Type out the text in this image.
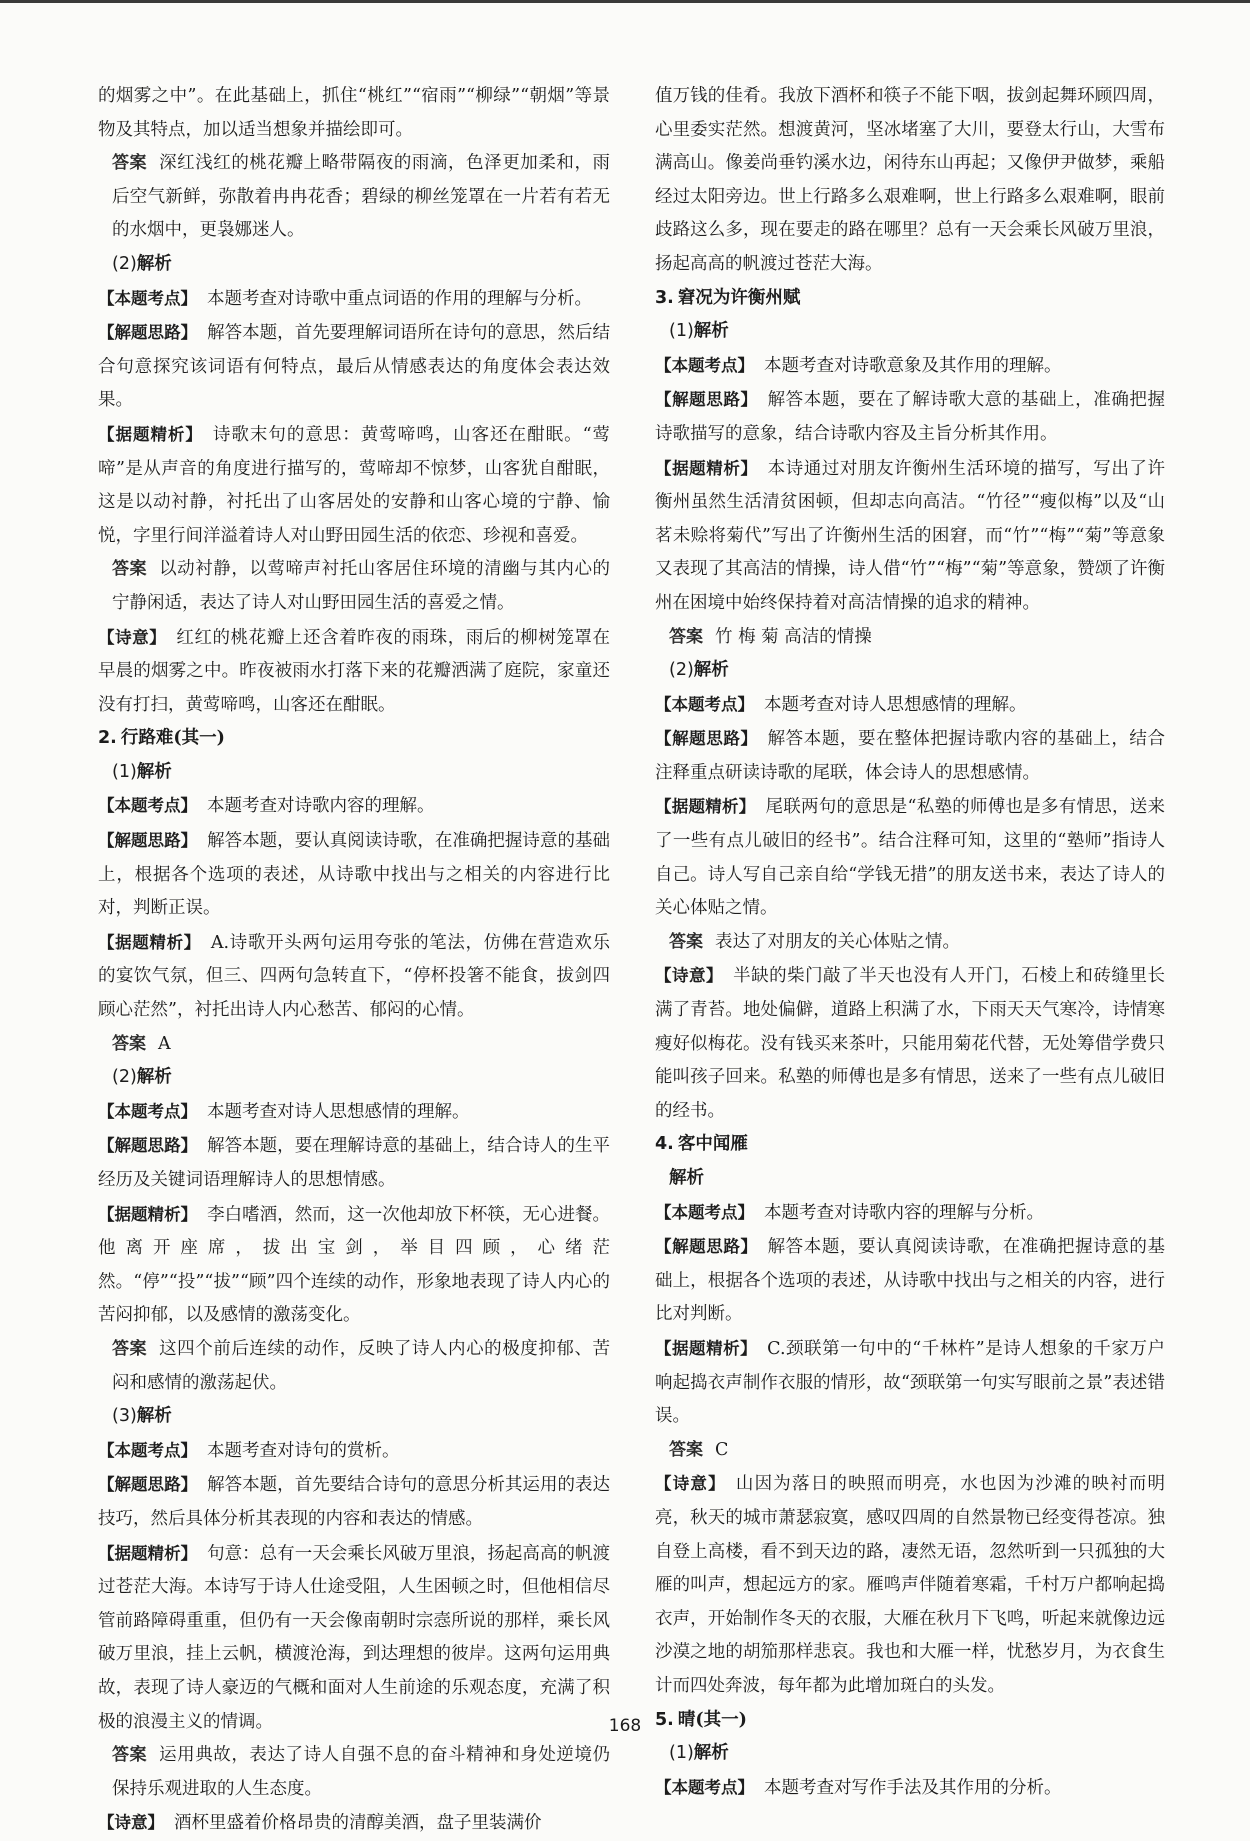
的烟雾之中”。在此基础上，抓住“桃红”“宿雨”“柳绿”“朝烟”等景物及其特点，加以适当想象并描绘即可。

答案 深红浅红的桃花瓣上略带隔夜的雨滴，色泽更加柔和，雨后空气新鲜，弥散着冉冉花香；碧绿的柳丝笼罩在一片若有若无的水烟中，更袅娜迷人。

(2)解析

【本题考点】 本题考查对诗歌中重点词语的作用的理解与分析。

【解题思路】 解答本题，首先要理解词语所在诗句的意思，然后结合句意探究该词语有何特点，最后从情感表达的角度体会表达效果。

【据题精析】 诗歌末句的意思：黄莺啼鸣，山客还在酣眠。“莺啼”是从声音的角度进行描写的，莺啼却不惊梦，山客犹自酣眠，这是以动衬静，衬托出了山客居处的安静和山客心境的宁静、愉悦，字里行间洋溢着诗人对山野田园生活的依恋、珍视和喜爱。

答案 以动衬静，以莺啼声衬托山客居住环境的清幽与其内心的宁静闲适，表达了诗人对山野田园生活的喜爱之情。

【诗意】 红红的桃花瓣上还含着昨夜的雨珠，雨后的柳树笼罩在早晨的烟雾之中。昨夜被雨水打落下来的花瓣洒满了庭院，家童还没有打扫，黄莺啼鸣，山客还在酣眠。

2. 行路难(其一)

(1)解析

【本题考点】 本题考查对诗歌内容的理解。

【解题思路】 解答本题，要认真阅读诗歌，在准确把握诗意的基础上，根据各个选项的表述，从诗歌中找出与之相关的内容进行比对，判断正误。

【据题精析】 A.诗歌开头两句运用夸张的笔法，仿佛在营造欢乐的宴饮气氛，但三、四两句急转直下，“停杯投箸不能食，拔剑四顾心茫然”，衬托出诗人内心愁苦、郁闷的心情。

答案 A

(2)解析

【本题考点】 本题考查对诗人思想感情的理解。

【解题思路】 解答本题，要在理解诗意的基础上，结合诗人的生平经历及关键词语理解诗人的思想情感。

【据题精析】 李白嗜酒，然而，这一次他却放下杯筷，无心进餐。他离开座席，拔出宝剑，举目四顾，心绪茫然。“停”“投”“拔”“顾”四个连续的动作，形象地表现了诗人内心的苦闷抑郁，以及感情的激荡变化。

答案 这四个前后连续的动作，反映了诗人内心的极度抑郁、苦闷和感情的激荡起伏。

(3)解析

【本题考点】 本题考查对诗句的赏析。

【解题思路】 解答本题，首先要结合诗句的意思分析其运用的表达技巧，然后具体分析其表现的内容和表达的情感。

【据题精析】 句意：总有一天会乘长风破万里浪，扬起高高的帆渡过苍茫大海。本诗写于诗人仕途受阻，人生困顿之时，但他相信尽管前路障碍重重，但仍有一天会像南朝时宗悫所说的那样，乘长风破万里浪，挂上云帆，横渡沧海，到达理想的彼岸。这两句运用典故，表现了诗人豪迈的气概和面对人生前途的乐观态度，充满了积极的浪漫主义的情调。

答案 运用典故，表达了诗人自强不息的奋斗精神和身处逆境仍保持乐观进取的人生态度。

【诗意】 酒杯里盛着价格昂贵的清醇美酒，盘子里装满价

值万钱的佳肴。我放下酒杯和筷子不能下咽，拔剑起舞环顾四周，心里委实茫然。想渡黄河，坚冰堵塞了大川，要登太行山，大雪布满高山。像姜尚垂钓溪水边，闲待东山再起；又像伊尹做梦，乘船经过太阳旁边。世上行路多么艰难啊，世上行路多么艰难啊，眼前歧路这么多，现在要走的路在哪里？总有一天会乘长风破万里浪，扬起高高的帆渡过苍茫大海。

3. 窘况为许衡州赋

(1)解析

【本题考点】 本题考查对诗歌意象及其作用的理解。

【解题思路】 解答本题，要在了解诗歌大意的基础上，准确把握诗歌描写的意象，结合诗歌内容及主旨分析其作用。

【据题精析】 本诗通过对朋友许衡州生活环境的描写，写出了许衡州虽然生活清贫困顿，但却志向高洁。“竹径”“瘦似梅”以及“山茗未赊将菊代”写出了许衡州生活的困窘，而“竹”“梅”“菊”等意象又表现了其高洁的情操，诗人借“竹”“梅”“菊”等意象，赞颂了许衡州在困境中始终保持着对高洁情操的追求的精神。

答案 竹 梅 菊 高洁的情操

(2)解析

【本题考点】 本题考查对诗人思想感情的理解。

【解题思路】 解答本题，要在整体把握诗歌内容的基础上，结合注释重点研读诗歌的尾联，体会诗人的思想感情。

【据题精析】 尾联两句的意思是“私塾的师傅也是多有情思，送来了一些有点儿破旧的经书”。结合注释可知，这里的“塾师”指诗人自己。诗人写自己亲自给“学钱无措”的朋友送书来，表达了诗人的关心体贴之情。

答案 表达了对朋友的关心体贴之情。

【诗意】 半缺的柴门敲了半天也没有人开门，石棱上和砖缝里长满了青苔。地处偏僻，道路上积满了水，下雨天天气寒冷，诗情寒瘦好似梅花。没有钱买来茶叶，只能用菊花代替，无处筹借学费只能叫孩子回来。私塾的师傅也是多有情思，送来了一些有点儿破旧的经书。

4. 客中闻雁

解析

【本题考点】 本题考查对诗歌内容的理解与分析。

【解题思路】 解答本题，要认真阅读诗歌，在准确把握诗意的基础上，根据各个选项的表述，从诗歌中找出与之相关的内容，进行比对判断。

【据题精析】 C.颈联第一句中的“千林杵”是诗人想象的千家万户响起捣衣声制作衣服的情形，故“颈联第一句实写眼前之景”表述错误。

答案 C

【诗意】 山因为落日的映照而明亮，水也因为沙滩的映衬而明亮，秋天的城市萧瑟寂寞，感叹四周的自然景物已经变得苍凉。独自登上高楼，看不到天边的路，凄然无语，忽然听到一只孤独的大雁的叫声，想起远方的家。雁鸣声伴随着寒霜，千村万户都响起捣衣声，开始制作冬天的衣服，大雁在秋月下飞鸣，听起来就像边远沙漠之地的胡笳那样悲哀。我也和大雁一样，忧愁岁月，为衣食生计而四处奔波，每年都为此增加斑白的头发。

5. 晴(其一)

(1)解析

【本题考点】 本题考查对写作手法及其作用的分析。

168
